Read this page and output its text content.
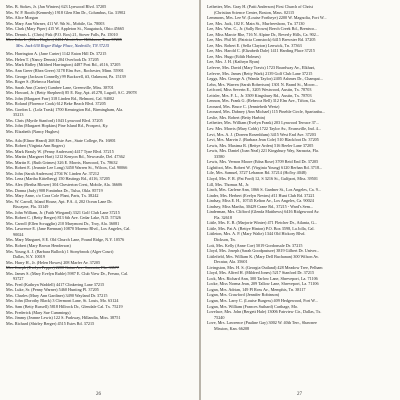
Mrs. B. Stokes, Jr. (Jan Winters) 623 Lynwood Blvd. 37205
Mrs. W. P. Booth (Kennedy) 1918 Glen Elm Dr., Columbus, Ga. 31902
Mrs. Alice Morgan
Mrs. Mary Ann Warner, 411 W. 9th St., Mobile, Ga. 78003
Mrs. Clark (Mary Piper) 415 W. Appleton St., Naugatuck, Ohio 45665
Mrs. Dennis L. (Chris) Fisk (P.O. Box) 21, Stover Falls, Pa. 15010
Mrs. John L. (Ellen Hughes) 2404 Alcott Ave. Hillsboro, Tenn 37205
Mrs. Jack 630 Roger Ridge Place, Nashville, TN 37215
Mrs. Harrington A. (Jane Carter) 1142 Eaton Hill Dr. 37215
Mrs. Helen T. (Nancy Dennis) 204 Overlook Dr. 37205
Mrs. Mark Ridley (Mildred Harrington) 4487 Post Rd., #116, 37205
Mrs. Ann Greer (Rhea Greer) 3178 Elm Ave., Rochester, Minn. 55901
Mrs. George (Jackson Connelly) 99 Buckwell, #3, Oakmont, Pa. 15139
Mrs. Roger S. (Rebecca Harbin)
Mrs. Sarah Ann (Carter) Cumbee Lane, Greenville, Miss. 38701
Mrs. Howard, Jr. (Betty Shepherd) 85 E. Bay, Apt. #1278, Lugoff, S.C. 29078
Mrs. John (Margaret Farr) 318 Linden Rd., Belmont, Cal. 94002
Mrs. Roland (Florence Cook) 612 Beke Beach Blvd. 37205
Mrs. Gordon L. (Lola Trask) 1700 Kensington Rd., Birmingham, Ala.
35213
Mrs. Chris (Myrtle Stanford) 1043 Lynwood Blvd. 37205
Mrs. John (Margaret Hopkins) Pine Island Rd., Prospect, Ky.
Mrs. Elizabeth (Nancy Hughes)
Mrs. Ada (Elinor Heard) 268 Elsie Ave., State College, Pa. 16801
Mrs. Robert (Virginia Ann Rogers)
Mrs. Mark Beasly W. (Penny Anderson) 4417 Tyne Blvd. 37215
Mrs. Martin (Margaret Hart) 1212 Kenyon Rd., Newcastle, Del. 47362
Mrs. Martin E. (Ruth Grimes) 326 E. Morris, Harwood, Tx. 78632
Mrs. Robert E. (Jeannie Lee Long) 3450 Warren St., Wilcox, Cal. 90066
Mrs. John (Sarah Anderson) 2704 W. Linden Av. 37212
Mrs. Lena (Martha Kittelberg) 150 Hastings Rd., #116, 37205
Mrs. Alex (Bertha Blower) 304 Chesterton Crest, Mobile, Ala. 36606
Mrs. Donna (Judy) 908 Fontinbra Dr., Tulsa, Okla. 85719
Mrs. Mary Anne, c/o Cora Cole Plant, Paris, Tx. 38242
Mrs. W. Carroll, Island House, Apt. P.A. 4, 202 Ocean Lane Dr.
Biscayne, Fla. 33149
Mrs. John William, Jr. (Faith Wiegand) 3321 Golf Club Lane 37215
Mrs. Robert C. (Betty Berger) 813 6th Ave. Cedar Lake, N.D. 57326
Mrs. Carroll (Ellen Scrugglin) 210 Marymont Dr., Troy, Ala. 36081
Mrs. Lawrence E. (Jane Brennan) 10870 Moreno Blvd., Los Angeles, Cal.
90024
Mrs. Mary Margaret, 8 E. Old Church Lane, Pound Ridge, N.Y. 10576
Mrs. Robert (Mary Brown Henderson)
Mrs. Young A. J. (Barbara Bullock) 1 Stonybrook (Alger Court)
Dallas, N.Y. 10019
Mrs. Harry H., Jr. (Helen Howes) 208 Marfer Av. 37205
Mrs. Joseph (Evelyn Pepper) 2200 Gatun Ave. Sarasota, Fla. 33577
Mrs. James S. (Mary Evelyn Ruble) 5987 E. Club View Dr., Fresno, Cal.
93727
Mrs. Fred (Kathryn Waddell) 4417 Clinkering Lane 37215
Mrs. Luke, Sr. (Penny Warner) 5460 Hunting Pl. 37205
Mrs. Charles (Mary Ann Gardiner) 3490 Wayland Dr. 37215
Mrs. John (Dorothy Black) 3 Clermont Lane, St. Louis, Mo. 63124
Mrs. Sam (Betty Russell) 5818 Hillrock Dr., Glendale Cal. Tx. 75219
Mrs. Frederick (Mary Sue Cummings)
Mrs. Jimmy (Jeanne Lewis) 122 S. Parkway, Hillandia, Miss. 38751
Mrs. Richard (Shirley Berger) 4515 Estes Rd. 37215
26
Letbetter, Mrs. Gray H. (Patti Anderson) First Church of Christ
(Christian Science Center, Boston, Mass. 02115
Lemmons, Mrs. Lee W. (Louise Fortheye) 2200 W. Magnolia, Fort W...
Lee, Mrs. Jack, 102 E. Main St., Murfreesboro, Tn. 37130
Lee, Mrs. Wm. C., Jr. (Sally Brown) Beech Creek Rd., Brentwo...
Lee, Miss Marcie Rhe, 716 N. Alpine Dr., Beverly Hills, Ca. 902...
Lee, Mrs. Phil M. (Patricia Comstock) 6415 Brewster Rd. 37205
Lee, Mrs. Robert E. (Sella Clayton) Lenwick, Tn. 37363
Lee, Mrs. Harold C. (Elizabeth Dale) 1411 Harding Place 37215
Lee, Mrs. Hugo (Edith Holmes)
Lee, Mrs. J. H. (Kathryn Ryan)
Lefevre, Mrs. David (Mary Travis) 1723 Boardway Av., Elkhart,
Lefevre, Mrs. James (Betty Wark) 2139 Golf Club Lane 37215
Leggs, Mrs. George A. (Wanda Taylor) 2405 Ashmes Dr., Champai...
Lehn, Mrs. Warren (Sarah Robertson) 1301 N. Brand St., Moorc...
Leifcord, Miss Severin E., 3205 Westwood, Austin, Tx. 78703
Leitsler, Mrs. F. L., Jr. 3509 Kingsbury Rd., Austin, Tx. 78703
Lennon, Mrs. Frank G. (Rebecca Bell) 312 Elm Ave., Tifton, Ga.
Leonard, Mrs. Bruce C. (Jenniebeth Wertz)
Leonard, Mrs. Dabney (Ann Michael) 115 Pinehle Circle, Spartanbu...
Leslie, Mrs. Robert (Betty Harbin)
Letbetter, Mrs. William (Evelyn Frank) 203 Lynwood Terrace 37...
Lev. Mrs. Morris (Mary Cobb) 1722 Taylor Av., Evansville, Ind. 4...
Levi, Mrs. A. J. (Doreen Rosenblum) 3415 West End Ave. 37203
Levi, Mrs. Marvin J. (Barbara Jean Cole) 510 Blackfoot Dr. 37205
Lewis, Mrs. Maxima R. (Bettye Arden) 516 Beeler Lane 37205
Lewis, Mrs. Daniel (Joan Neal) 221 Kingsbury Way, Sarasota, Fla.
33580
Lewis, Mrs. Vernon Moore (Edna Rose) 3709 Reid End Dr. 37205
Lightfoot, Mrs. Robert W. (Virginia Young) 6120 Berhan Rd. 3718...
Lile, Mrs. Samuel, 3727 Lebanon Rd. 37214 (Hol'ny 4048)
Lloyd, Mrs. F. R. (Pat Ford) 12, S 3216 St., Gulfport, Miss. 39501
Lill, Mrs. Thomas M., Jr.
Linch, Mrs. Carlene Ann, 1066 S. Gardner St., Los Angeles, Ca. 9...
Linder, Mrs. Herbert (Evelyn Nevins) #11 Hunt Club Rd. 37221
Lindsay, Miss E. H., 10745 Kelton Av., Los Angeles, Ca. 90024
Lindsey, Miss Martha, 30429 Crane Rd., 37215 - Ward's Sem...
Linderman, Mrs. Clifford (Glenda Matthews) 6416 Ridgewood Av.
Fla. 32618
Little, Mrs. E. B. (Marjorie Winter) 471 Fletcher Dr., Atlanta, G...
Little, Mrs. Pat A. (Bettye Hinton) P.O. Box 3598, La Jolla, Cal.
Littleton, Mrs. A. P. (Mary Walte) 1344 Old Hickory Blvd.
Dickson, Tn.
Lott, Mrs. Kelly (Anne Coe) 5019 Gordonsale Dr. 37215
Lloyd, Mrs. Joseph (Sarah Goodpasture) 3819 Gilbert Dr. Univer...
Littlefield, Mrs. William K. (Mary Dell Buchanan) 300 Wilson Av.
Decatur, Ala. 35601
Livingston, Mrs. H. S. (Georgia Outland) 428 Meadow Tree, Pelham
Lloyd, Mrs. Alfred H. (Mildred Jones) 5217 Stanford Dr. 37215
Lock, Mrs. Richard Ann, 300 Tarlow Lane, Shreveport, La. 71106
Locke, Miss Norma Jean, 209 Tallow Lane, Shreveport, La. 71106
Logan, Mrs. Adrian, 149 Pl Ross Av., Memphis, Tn. 38117
Logan, Mrs. Crawford (Jennifer Robinson)
Logan, Mrs. Larry C. (Louise Burgess) 409 Hedgewood, Fort W...
Logan, Mrs. William (Frances Suthard) Carthage, Mo.
Lovelace, Mrs. John (Bergett Hale) 13006 Fairview Cir., Dallas, Tx.
75240
Love, Mrs. Lawrence (Pauline Gay) 3002 W. 40th Terr., Shawnee
Mission, Kan. 66208
27
